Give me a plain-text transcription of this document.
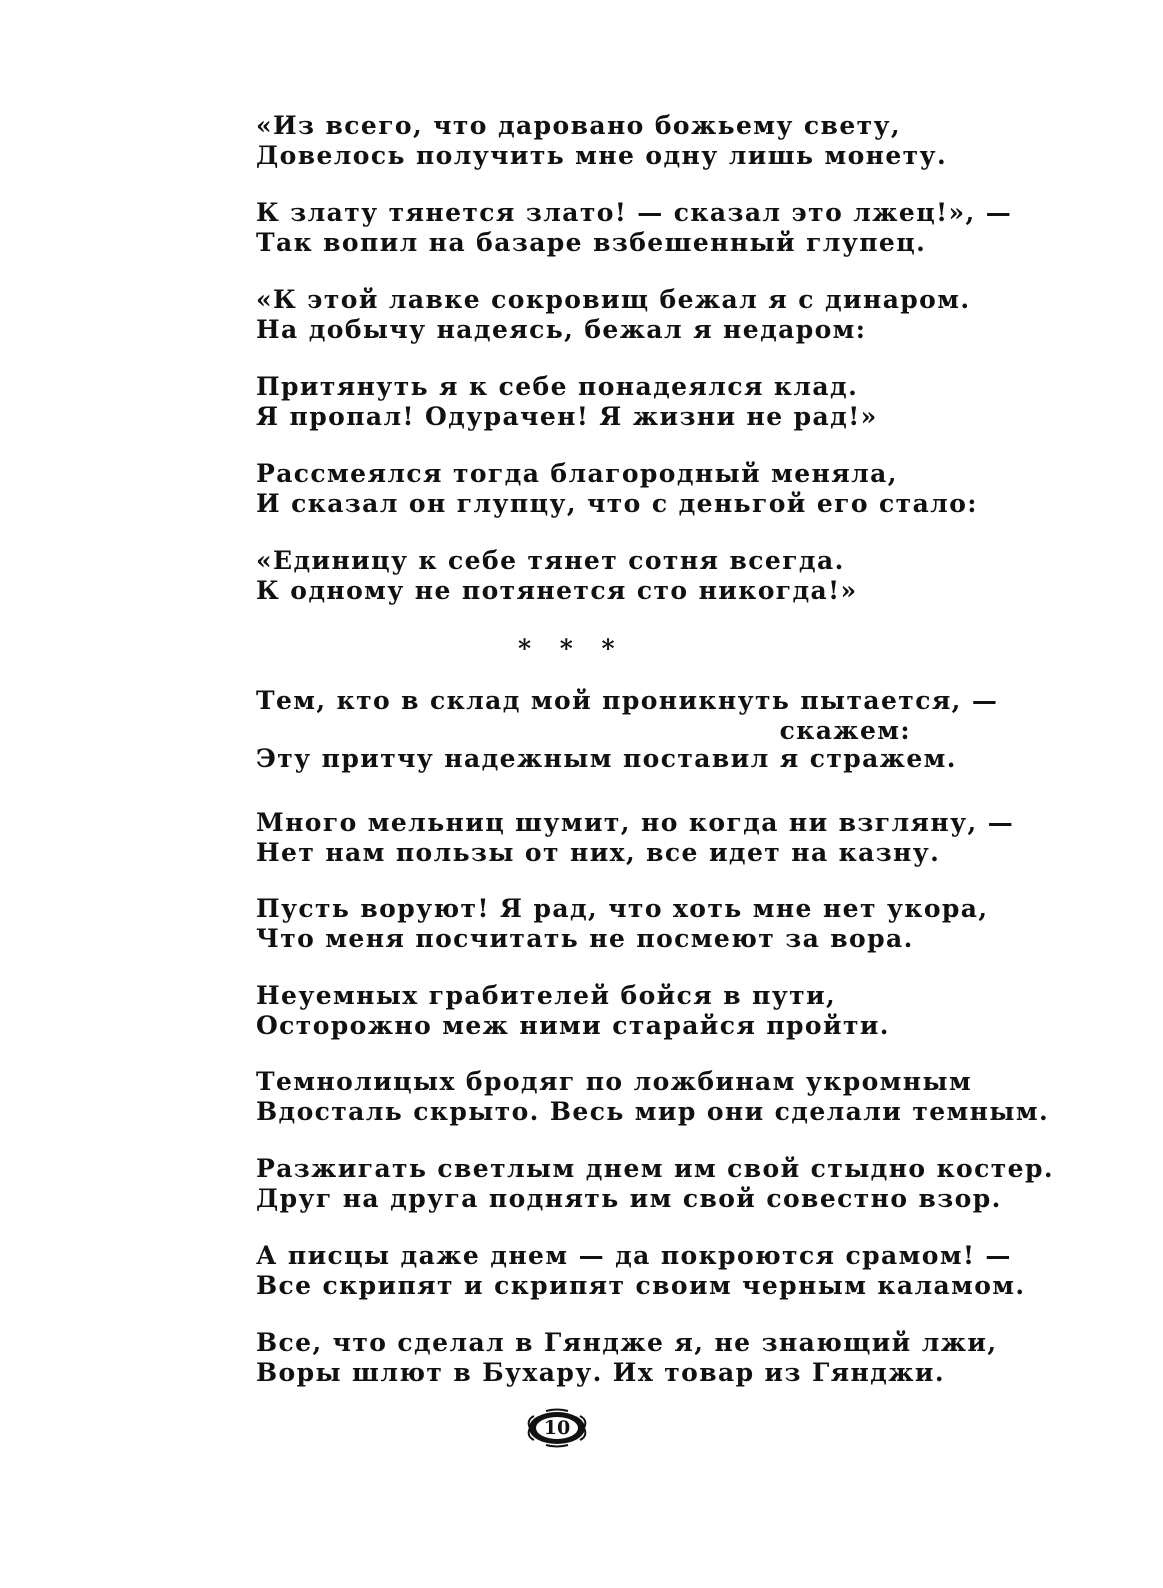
«Из всего, что даровано божьему свету,
Довелось получить мне одну лишь монету.
К злату тянется злато! — сказал это лжец!», —
Так вопил на базаре взбешенный глупец.
«К этой лавке сокровищ бежал я с динаром.
На добычу надеясь, бежал я недаром:
Притянуть я к себе понадеялся клад.
Я пропал! Одурачен! Я жизни не рад!»
Рассмеялся тогда благородный меняла,
И сказал он глупцу, что с деньгой его стало:
«Единицу к себе тянет сотня всегда.
К одному не потянется сто никогда!»
* * *
Тем, кто в склад мой проникнуть пытается, —
скажем:
Эту притчу надежным поставил я стражем.
Много мельниц шумит, но когда ни взгляну, —
Нет нам пользы от них, все идет на казну.
Пусть воруют! Я рад, что хоть мне нет укора,
Что меня посчитать не посмеют за вора.
Неуемных грабителей бойся в пути,
Осторожно меж ними старайся пройти.
Темнолицых бродяг по ложбинам укромным
Вдосталь скрыто. Весь мир они сделали темным.
Разжигать светлым днем им свой стыдно костер.
Друг на друга поднять им свой совестно взор.
А писцы даже днем — да покроются срамом! —
Все скрипят и скрипят своим черным каламом.
Все, что сделал в Гяндже я, не знающий лжи,
Воры шлют в Бухару. Их товар из Гянджи.
10
